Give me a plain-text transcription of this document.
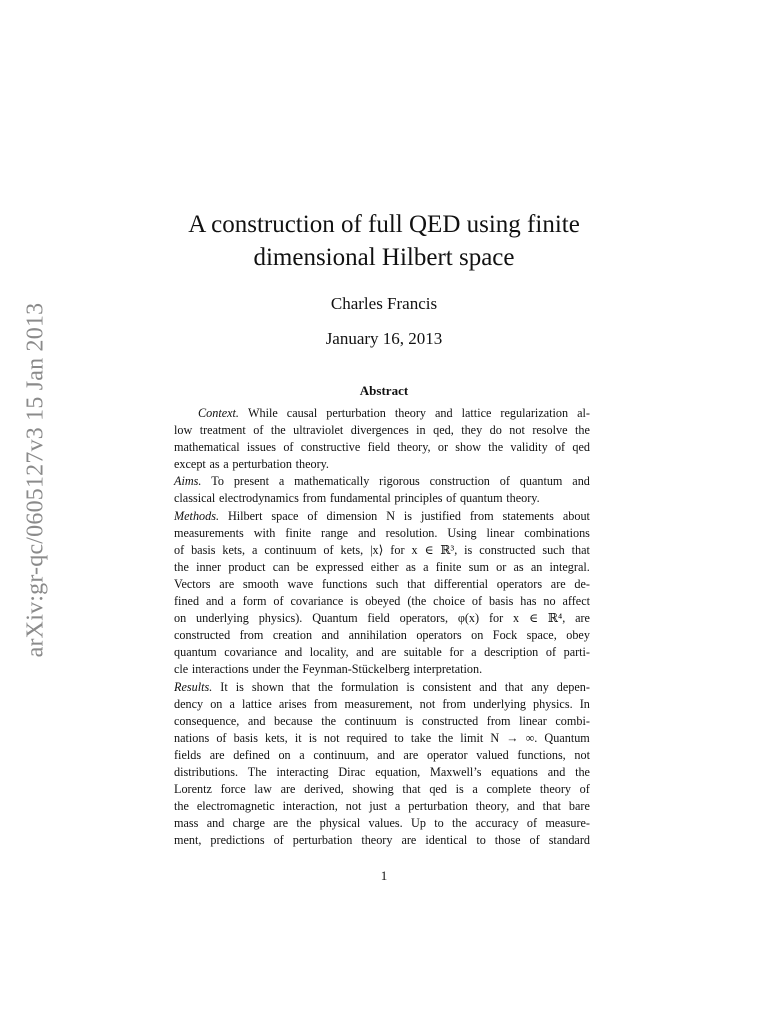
arXiv:gr-qc/0605127v3 15 Jan 2013
A construction of full QED using finite
dimensional Hilbert space
Charles Francis
January 16, 2013
Abstract
Context. While causal perturbation theory and lattice regularization al-
low treatment of the ultraviolet divergences in qed, they do not resolve the
mathematical issues of constructive field theory, or show the validity of qed
except as a perturbation theory.
Aims. To present a mathematically rigorous construction of quantum and
classical electrodynamics from fundamental principles of quantum theory.
Methods. Hilbert space of dimension N is justified from statements about
measurements with finite range and resolution. Using linear combinations
of basis kets, a continuum of kets, |x⟩ for x ∈ ℝ³, is constructed such that
the inner product can be expressed either as a finite sum or as an integral.
Vectors are smooth wave functions such that differential operators are de-
fined and a form of covariance is obeyed (the choice of basis has no affect
on underlying physics). Quantum field operators, φ(x) for x ∈ ℝ⁴, are
constructed from creation and annihilation operators on Fock space, obey
quantum covariance and locality, and are suitable for a description of parti-
cle interactions under the Feynman-Stückelberg interpretation.
Results. It is shown that the formulation is consistent and that any depen-
dency on a lattice arises from measurement, not from underlying physics. In
consequence, and because the continuum is constructed from linear combi-
nations of basis kets, it is not required to take the limit N → ∞. Quantum
fields are defined on a continuum, and are operator valued functions, not
distributions. The interacting Dirac equation, Maxwell’s equations and the
Lorentz force law are derived, showing that qed is a complete theory of
the electromagnetic interaction, not just a perturbation theory, and that bare
mass and charge are the physical values. Up to the accuracy of measure-
ment, predictions of perturbation theory are identical to those of standard
1
